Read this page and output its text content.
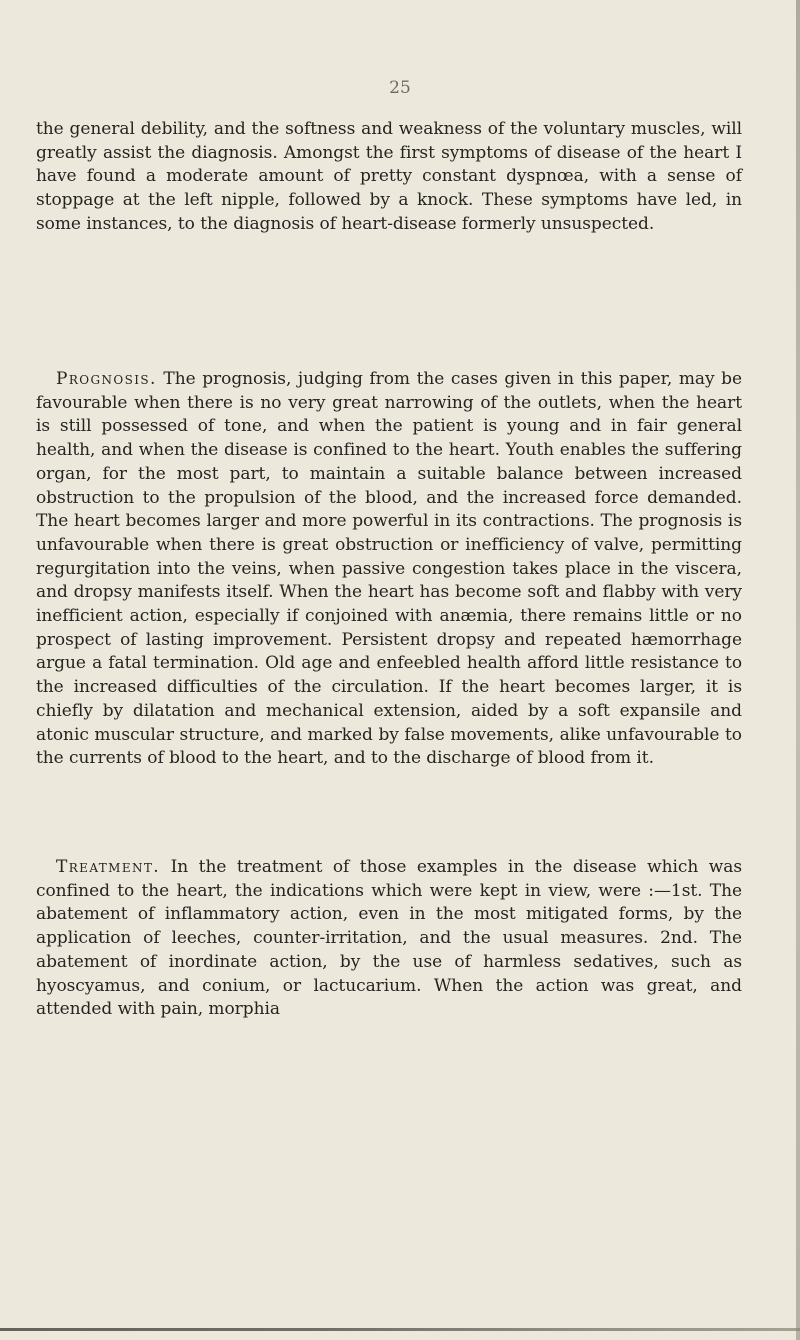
25

the general debility, and the softness and weakness of the voluntary muscles, will greatly assist the diagnosis. Amongst the first symptoms of disease of the heart I have found a moderate amount of pretty constant dyspnœa, with a sense of stoppage at the left nipple, followed by a knock. These symptoms have led, in some instances, to the diagnosis of heart-disease formerly unsuspected.

Prognosis. The prognosis, judging from the cases given in this paper, may be favourable when there is no very great narrowing of the outlets, when the heart is still possessed of tone, and when the patient is young and in fair general health, and when the disease is confined to the heart. Youth enables the suffering organ, for the most part, to maintain a suitable balance between increased obstruction to the propulsion of the blood, and the increased force demanded. The heart becomes larger and more powerful in its contractions. The prognosis is unfavourable when there is great obstruction or inefficiency of valve, permitting regurgitation into the veins, when passive congestion takes place in the viscera, and dropsy manifests itself. When the heart has become soft and flabby with very inefficient action, especially if conjoined with anæmia, there remains little or no prospect of lasting improvement. Persistent dropsy and repeated hæmorrhage argue a fatal termination. Old age and enfeebled health afford little resistance to the increased difficulties of the circulation. If the heart becomes larger, it is chiefly by dilatation and mechanical extension, aided by a soft expansile and atonic muscular structure, and marked by false movements, alike unfavourable to the currents of blood to the heart, and to the discharge of blood from it.

Treatment. In the treatment of those examples in the disease which was confined to the heart, the indications which were kept in view, were :—1st. The abatement of inflammatory action, even in the most mitigated forms, by the application of leeches, counter-irritation, and the usual measures. 2nd. The abatement of inordinate action, by the use of harmless sedatives, such as hyoscyamus, and conium, or lactucarium. When the action was great, and attended with pain, morphia
